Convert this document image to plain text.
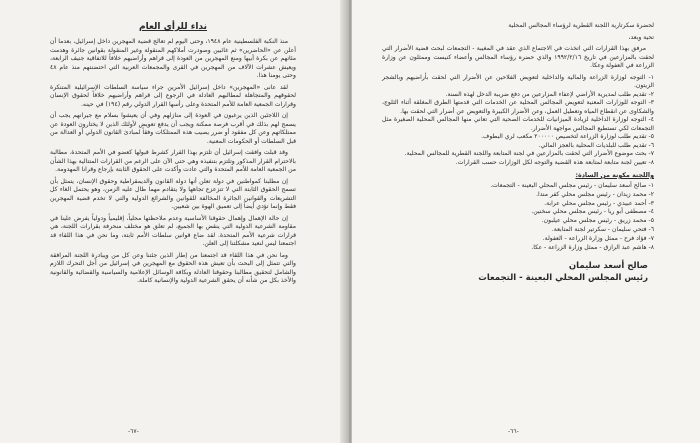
نداء للرأي العام

منذ النكبة الفلسطينية عام ١٩٤٨، وحتى اليوم لم تعالج قضية المهجرين داخل إسرائيل، بعدما أن أعلن عن «الحاضرين» ثم غائبين وصودرت أملاكهم المنقولة وغير المنقولة بقوانين جائرة وهدمت مئاتهم عن بكرة أبيها ومنع المهجرين من العودة إلى قراهم وأراضيهم خلافاً للاتفاقية جنيف الرابعة، ويعيش عشرات الآلاف من المهجرين في القرى والمجمعات العربية التي احتضنتهم منذ عام ٤٨ وحتى يومنا هذا.

لقد عانى «المهجرين» داخل إسرائيل الأمرين جراء سياسة السلطات الإسرائيلية المتنكرة لحقوقهم والمتجاهلة لمطالبهم العادلة في الرجوع إلى قراهم وأراضيهم خلافاً لحقوق الإنسان وقرارات الجمعية العامة للأمم المتحدة وعلى رأسها القرار الدولي رقم (١٩٤) في حينه.

إن اللاجئين الذين يرغبون في العودة إلى منازلهم وفي أن يعيشوا بسلام مع جيرانهم يجب أن يسمح لهم بذلك في أقرب فرصة ممكنة ويجب أن يدفع تعويض لأولئك الذين لا يختارون العودة عن ممتلكاتهم وعن كل مفقود أو ضرر يصيب هذه الممتلكات وفقاً لمبادئ القانون الدولي أو العدالة من قبل السلطات أو الحكومات المعنية.

وقد قبلت وافقت إسرائيل أن تلتزم بهذا القرار كشرط قبولها كعضو في الأمم المتحدة. مطالبة بالاحترام القرار المذكور وتلتزم بتنفيذه وهي حتى الآن على الرغم من القرارات المتتالية بهذا الشأن من الجمعية العامة للأمم المتحدة والتي عادت وأكدت على الحقوق الثابتة بإرجاع وقرانا المهدومة.

إن مطلبنا كمواطنين في دولة تعلن أنها دولة القانون والديمقراطية وحقوق الإنسان، يتمثل بأن تسمح الحقوق الثابتة التي لا تتزعزع تجاهها ولا يتقادم مهما طال عليه الزمن، وهو يحتمل الغاء كل التشريعات والقوانين الجائرة المخالفة للقوانين والشرائع الدولية والتي لا تخدم قضية المهجرين فقط وإنما تؤدي أيضاً إلى تعميق الهوة بين شعبين.

إن حالة الإهمال وإهمال حقوقنا الأساسية وعدم ملاحظتها محلياً، إقليمياً ودولياً يفرض علينا في مقاومة الشرعية الدولية التي ينقض بها الجميع، لم تعلق هو مختلف منحرفة بقرارات اللجنة، هي قرارات شرعية الأمم المتحدة. لقد ضاع قوانين سلطات الأمم ثابتة، وما نحن في هذا اللقاء قد اجتمعنا ليس لنعيد مشكلتنا إلى العلن.

وما نحن في هذا اللقاء قد اجتمعنا من إطار الذين جئتنا وعن كل من ويبادرة اللجنة المرافقة والتي تتمثل إلى البحث بأن تعيش هذه الحقوق مع المهجرين في إسرائيل من أجل التحرك اللازم والشامل لتحقيق مطالبنا وحقوقنا العادلة وبكافة الوسائل الإعلامية والسياسية والقضائية والقانونية والأخذ بكل من شأنه أن يحقق الشرعية الدولية والإنسانية كاملة.

-٦٧-

لحضرة سكرتارية اللجنة القطرية لرؤساء المجالس المحلية

تحية وبعد،

مرفق بهذا القرارات التي اتخذت في الاجتماع الذي عقد في المغيبة - التجمعات لبحث قضية الأضرار التي لحقت بالمزارعين في تاريخ ١٩٩٢/٢/١٦ والذي حضره رؤساء المجالس وأعضاء كنيست وممثلون عن وزارة الزراعة في العفولة وعكا.

١- التوجه لوزارة الزراعة والمالية والداخلية لتعويض الفلاحين عن الأضرار التي لحقت بأراضيهم وبالشجر الزيتون.
٢- تقديم طلب لمديرية الأراضي لإعفاء المزارعين من دفع ضريبة الدخل لهذه السنة.
٣- التوجه للوزارات المعنية لتعويض المجالس المحلية عن الخدمات التي قدمتها الطرق المغلقة أثناء الثلوج، والشكاوى عن انقطاع المياه وتعطيل العمل، وعن الأضرار الكبيرة والتعويض عن أضرار التي لحقت بها.
٤- التوجه لوزارة الداخلية لزيادة الميزانيات للخدمات الصحية التي تعاني منها المجالس المحلية الصغيرة مثل التجمعات لكي تستطيع المجالس مواجهة الأضرار.
٥- تقديم طلب لوزارة الزراعة لتخصيص ٢٠٠٠٠٠ مكعب لري البطوف.
٦- تقديم طلب للبلديات المحلية بالعجز المالي.
٧- بحث موضوع الأضرار التي لحقت بالمزارعين في لجنة المتابعة واللجنة القطرية للمجالس المحلية.
٨- تعيين لجنة متابعة لمتابعة هذه القضية والتوجه لكل الوزارات حسب القرارات.
واللجنة مكونة من السادة:
١- صالح أسعد سليمان - رئيس مجلس المحلي البعينة - التجمعات.
٢- محمد زيدان - رئيس مجلس محلي كفر مندا.
٣- أحمد عبيدي - رئيس مجلس محلي عرابة.
٤- مصطفى أبو ريا - رئيس مجلس محلي سخنين.
٥- محمد زريق - رئيس مجلس محلي عيلبون.
٦- فتحي سليمان - سكرتير لجنة المتابعة.
٧- فؤاد فرح - ممثل وزارة الزراعة - العفولة.
٨- هاشم عبد الرازق - ممثل وزارة الزراعة - عكا.
صالح أسعد سليمان
رئيس المجلس المحلي البعينة - التجمعات
-٦٦-
